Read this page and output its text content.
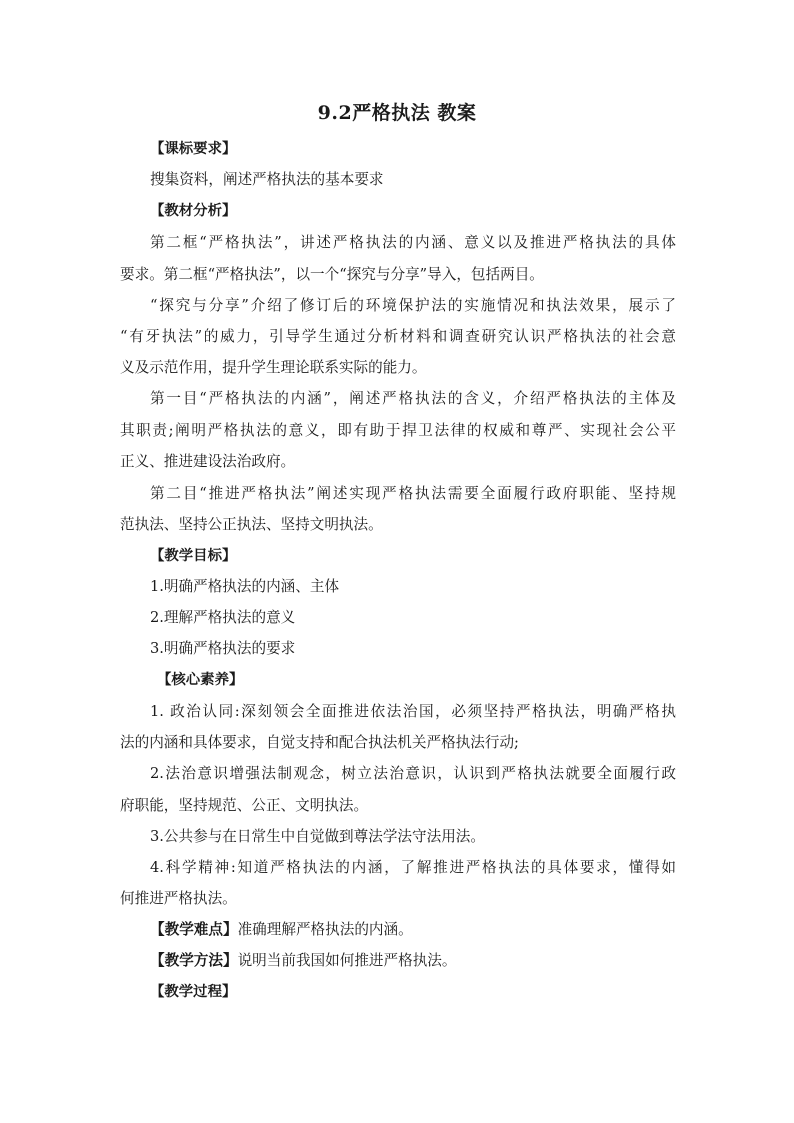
9.2严格执法 教案
【课标要求】
搜集资料，阐述严格执法的基本要求
【教材分析】
第二框“严格执法”，讲述严格执法的内涵、意义以及推进严格执法的具体
要求。第二框“严格执法”，以一个“探究与分享”导入，包括两目。
“探究与分享”介绍了修订后的环境保护法的实施情况和执法效果，展示了
“有牙执法”的威力，引导学生通过分析材料和调查研究认识严格执法的社会意
义及示范作用，提升学生理论联系实际的能力。
第一目“严格执法的内涵”，阐述严格执法的含义，介绍严格执法的主体及
其职责;阐明严格执法的意义，即有助于捍卫法律的权威和尊严、实现社会公平
正义、推进建设法治政府。
第二目“推进严格执法”阐述实现严格执法需要全面履行政府职能、坚持规
范执法、坚持公正执法、坚持文明执法。
【教学目标】
1.明确严格执法的内涵、主体
2.理解严格执法的意义
3.明确严格执法的要求
【核心素养】
1. 政治认同:深刻领会全面推进依法治国，必须坚持严格执法，明确严格执
法的内涵和具体要求，自觉支持和配合执法机关严格执法行动;
2.法治意识增强法制观念，树立法治意识，认识到严格执法就要全面履行政
府职能，坚持规范、公正、文明执法。
3.公共参与在日常生中自觉做到尊法学法守法用法。
4.科学精神:知道严格执法的内涵，了解推进严格执法的具体要求，懂得如
何推进严格执法。
【教学难点】准确理解严格执法的内涵。
【教学方法】说明当前我国如何推进严格执法。
【教学过程】
